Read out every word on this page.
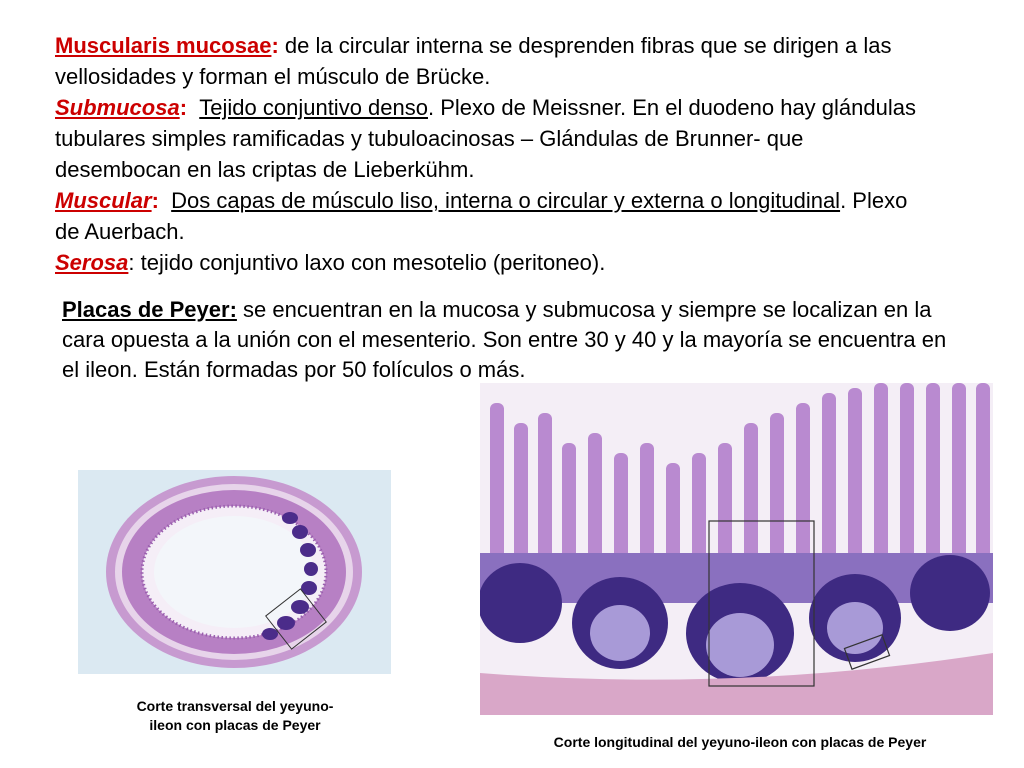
Muscularis mucosae: de la circular interna se desprenden fibras que se dirigen a las vellosidades y forman el músculo de Brücke.

Submucosa:  Tejido conjuntivo denso. Plexo de Meissner. En el duodeno hay glándulas tubulares simples ramificadas y tubuloacinosas – Glándulas de Brunner- que desembocan en las criptas de Lieberkühm.

Muscular:  Dos capas de músculo liso, interna o circular y externa o longitudinal. Plexo de Auerbach.

Serosa: tejido conjuntivo laxo con mesotelio (peritoneo).

Placas de Peyer: se encuentran en la mucosa y submucosa y siempre se localizan en la cara opuesta a la unión con el mesenterio. Son entre 30 y 40 y la mayoría se encuentra en el ileon. Están formadas por 50 folículos o más.

Corte transversal del yeyuno-
ileon con placas de Peyer
Corte longitudinal del yeyuno-ileon con placas de Peyer
